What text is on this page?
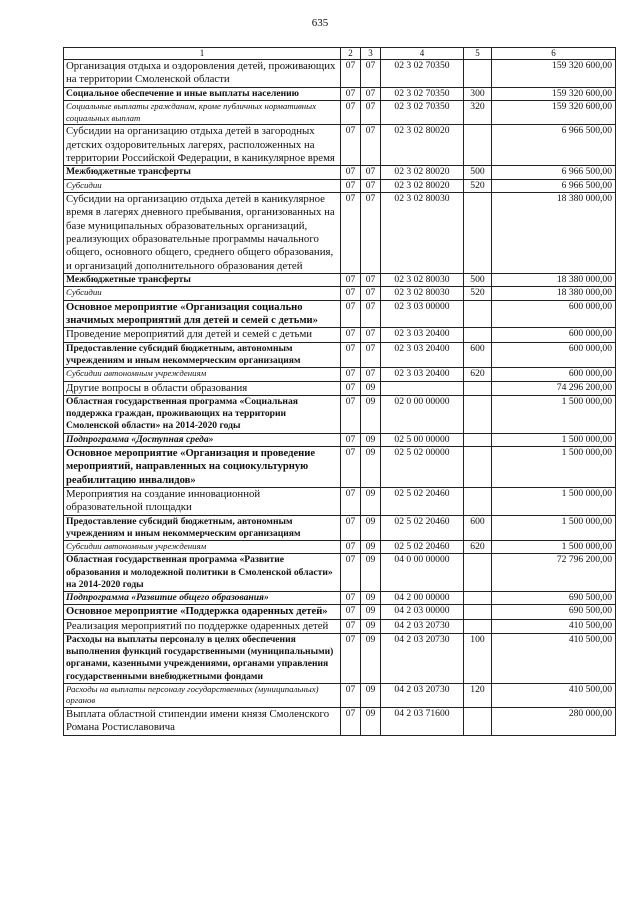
635
1	2	3	4	5	6
Организация отдыха и оздоровления детей, проживающих на территории Смоленской области	07	07	02 3 02 70350		159 320 600,00
Социальное обеспечение и иные выплаты населению	07	07	02 3 02 70350	300	159 320 600,00
Социальные выплаты гражданам, кроме публичных нормативных социальных выплат	07	07	02 3 02 70350	320	159 320 600,00
Субсидии на организацию отдыха детей в загородных детских оздоровительных лагерях, расположенных на территории Российской Федерации, в каникулярное время	07	07	02 3 02 80020		6 966 500,00
Межбюджетные трансферты	07	07	02 3 02 80020	500	6 966 500,00
Субсидии	07	07	02 3 02 80020	520	6 966 500,00
Субсидии на организацию отдыха детей в каникулярное время в лагерях дневного пребывания, организованных на базе муниципальных образовательных организаций, реализующих образовательные программы начального общего, основного общего, среднего общего образования, и организаций дополнительного образования детей	07	07	02 3 02 80030		18 380 000,00
Межбюджетные трансферты	07	07	02 3 02 80030	500	18 380 000,00
Субсидии	07	07	02 3 02 80030	520	18 380 000,00
Основное мероприятие «Организация социально значимых мероприятий для детей и семей с детьми»	07	07	02 3 03 00000		600 000,00
Проведение мероприятий для детей и семей с детьми	07	07	02 3 03 20400		600 000,00
Предоставление субсидий бюджетным, автономным учреждениям и иным некоммерческим организациям	07	07	02 3 03 20400	600	600 000,00
Субсидии автономным учреждениям	07	07	02 3 03 20400	620	600 000,00
Другие вопросы в области образования	07	09			74 296 200,00
Областная государственная программа «Социальная поддержка граждан, проживающих на территории Смоленской области» на 2014-2020 годы	07	09	02 0 00 00000		1 500 000,00
Подпрограмма «Доступная среда»	07	09	02 5 00 00000		1 500 000,00
Основное мероприятие «Организация и проведение мероприятий, направленных на социокультурную реабилитацию инвалидов»	07	09	02 5 02 00000		1 500 000,00
Мероприятия на создание инновационной образовательной площадки	07	09	02 5 02 20460		1 500 000,00
Предоставление субсидий бюджетным, автономным учреждениям и иным некоммерческим организациям	07	09	02 5 02 20460	600	1 500 000,00
Субсидии автономным учреждениям	07	09	02 5 02 20460	620	1 500 000,00
Областная государственная программа «Развитие образования и молодежной политики в Смоленской области» на 2014-2020 годы	07	09	04 0 00 00000		72 796 200,00
Подпрограмма «Развитие общего образования»	07	09	04 2 00 00000		690 500,00
Основное мероприятие «Поддержка одаренных детей»	07	09	04 2 03 00000		690 500,00
Реализация мероприятий по поддержке одаренных детей	07	09	04 2 03 20730		410 500,00
Расходы на выплаты персоналу в целях обеспечения выполнения функций государственными (муниципальными) органами, казенными учреждениями, органами управления государственными внебюджетными фондами	07	09	04 2 03 20730	100	410 500,00
Расходы на выплаты персоналу государственных (муниципальных) органов	07	09	04 2 03 20730	120	410 500,00
Выплата областной стипендии имени князя Смоленского Романа Ростиславовича	07	09	04 2 03 71600		280 000,00
